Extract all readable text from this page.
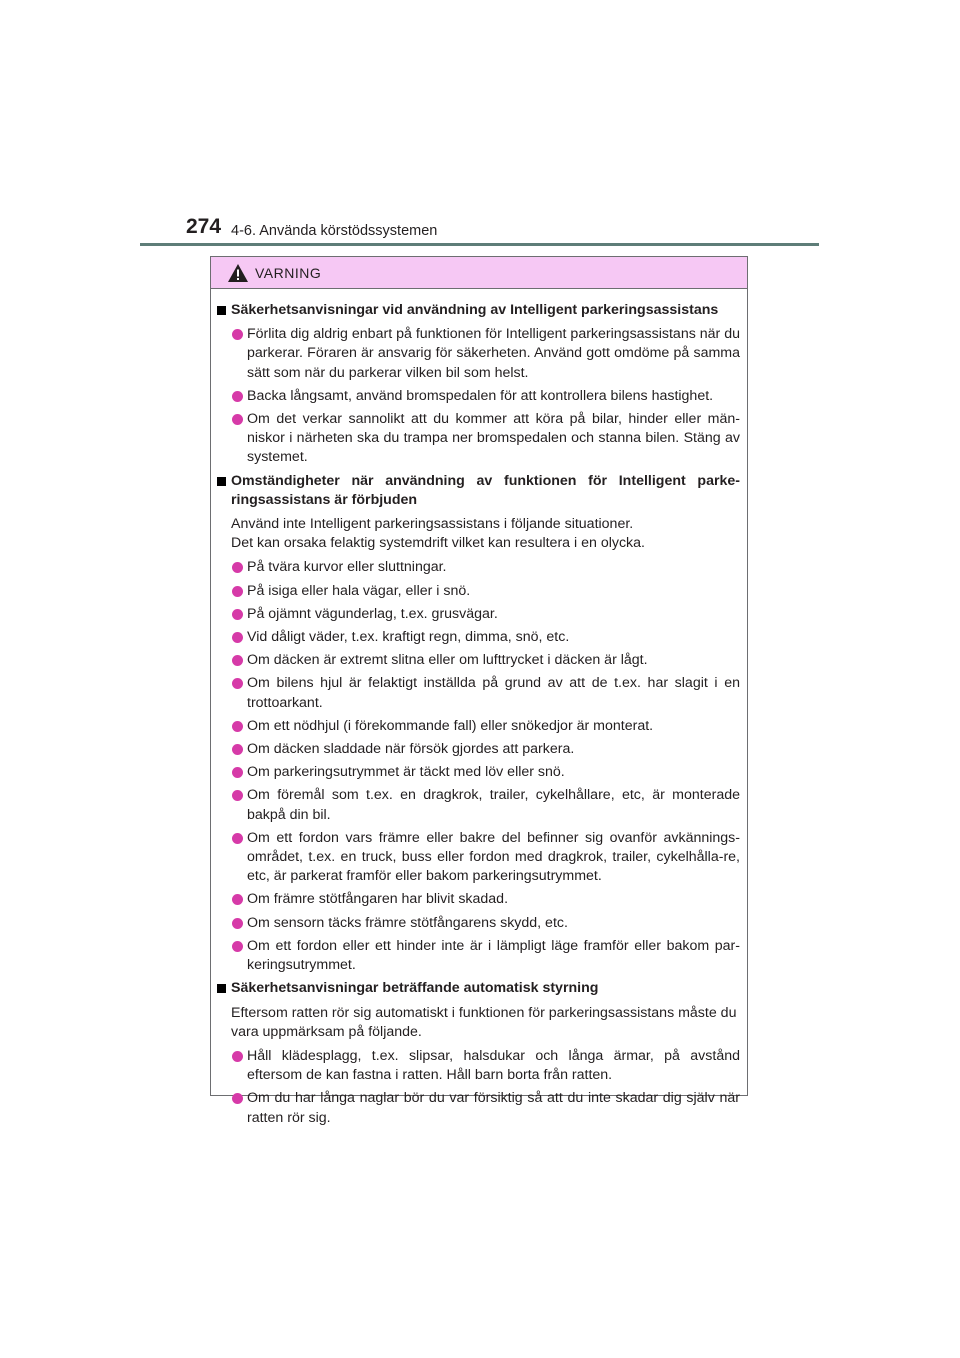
274 4-6. Använda körstödssystemen
VARNING
Säkerhetsanvisningar vid användning av Intelligent parkeringsassistans
Förlita dig aldrig enbart på funktionen för Intelligent parkeringsassistans när du parkerar. Föraren är ansvarig för säkerheten. Använd gott omdöme på samma sätt som när du parkerar vilken bil som helst.
Backa långsamt, använd bromspedalen för att kontrollera bilens hastighet.
Om det verkar sannolikt att du kommer att köra på bilar, hinder eller män-niskor i närheten ska du trampa ner bromspedalen och stanna bilen. Stäng av systemet.
Omständigheter när användning av funktionen för Intelligent parke-ringsassistans är förbjuden

Använd inte Intelligent parkeringsassistans i följande situationer.

Det kan orsaka felaktig systemdrift vilket kan resultera i en olycka.

På tvära kurvor eller sluttningar.
På isiga eller hala vägar, eller i snö.
På ojämnt vägunderlag, t.ex. grusvägar.
Vid dåligt väder, t.ex. kraftigt regn, dimma, snö, etc.
Om däcken är extremt slitna eller om lufttrycket i däcken är lågt.
Om bilens hjul är felaktigt inställda på grund av att de t.ex. har slagit i en trottoarkant.
Om ett nödhjul (i förekommande fall) eller snökedjor är monterat.
Om däcken sladdade när försök gjordes att parkera.
Om parkeringsutrymmet är täckt med löv eller snö.
Om föremål som t.ex. en dragkrok, trailer, cykelhållare, etc, är monterade bakpå din bil.
Om ett fordon vars främre eller bakre del befinner sig ovanför avkännings-området, t.ex. en truck, buss eller fordon med dragkrok, trailer, cykelhålla-re, etc, är parkerat framför eller bakom parkeringsutrymmet.
Om främre stötfångaren har blivit skadad.
Om sensorn täcks främre stötfångarens skydd, etc.
Om ett fordon eller ett hinder inte är i lämpligt läge framför eller bakom par-keringsutrymmet.
Säkerhetsanvisningar beträffande automatisk styrning

Eftersom ratten rör sig automatiskt i funktionen för parkeringsassistans måste du vara uppmärksam på följande.

Håll klädesplagg, t.ex. slipsar, halsdukar och långa ärmar, på avstånd eftersom de kan fastna i ratten. Håll barn borta från ratten.
Om du har långa naglar bör du var försiktig så att du inte skadar dig själv när ratten rör sig.
